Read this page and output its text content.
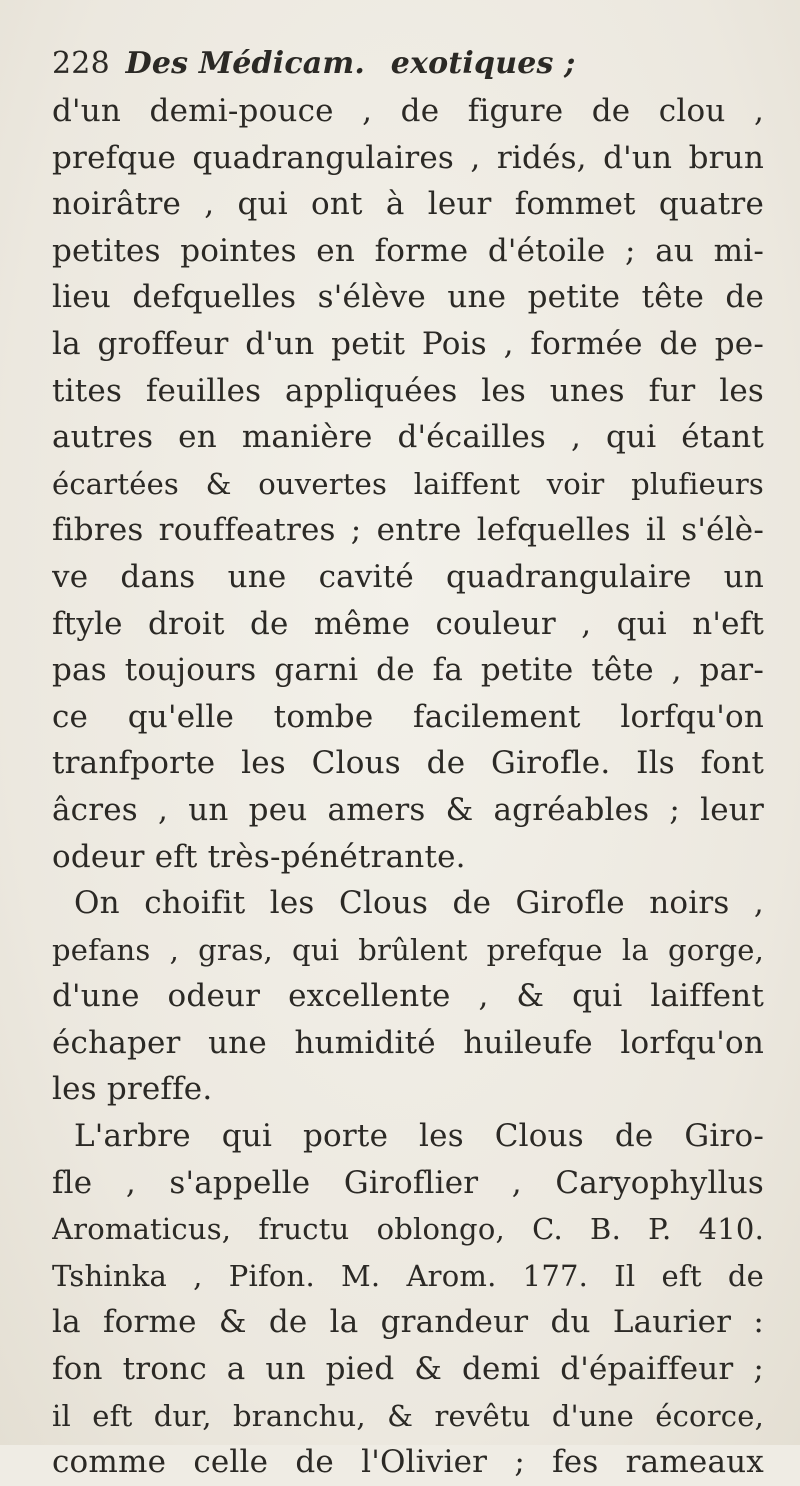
228 Des Médicam. exotiques ;
d'un demi-pouce , de figure de clou ,
prefque quadrangulaires , ridés, d'un brun
noirâtre , qui ont à leur fommet quatre
petites pointes en forme d'étoile ; au mi-
lieu defquelles s'élève une petite tête de
la groffeur d'un petit Pois , formée de pe-
tites feuilles appliquées les unes fur les
autres en manière d'écailles , qui étant
écartées & ouvertes laiffent voir plufieurs
fibres rouffeatres ; entre lefquelles il s'élè-
ve dans une cavité quadrangulaire un
ftyle droit de même couleur , qui n'eft
pas toujours garni de fa petite tête , par-
ce qu'elle tombe facilement lorfqu'on
tranfporte les Clous de Girofle. Ils font
âcres , un peu amers & agréables ; leur
odeur eft très-pénétrante.
On choifit les Clous de Girofle noirs ,
pefans , gras, qui brûlent prefque la gorge,
d'une odeur excellente , & qui laiffent
échaper une humidité huileufe lorfqu'on
les preffe.
L'arbre qui porte les Clous de Giro-
fle , s'appelle Giroflier , Caryophyllus
Aromaticus, fructu oblongo, C. B. P. 410.
Tshinka , Pifon. M. Arom. 177. Il eft de
la forme & de la grandeur du Laurier :
fon tronc a un pied & demi d'épaiffeur ;
il eft dur, branchu, & revêtu d'une écorce,
comme celle de l'Olivier ; fes rameaux
